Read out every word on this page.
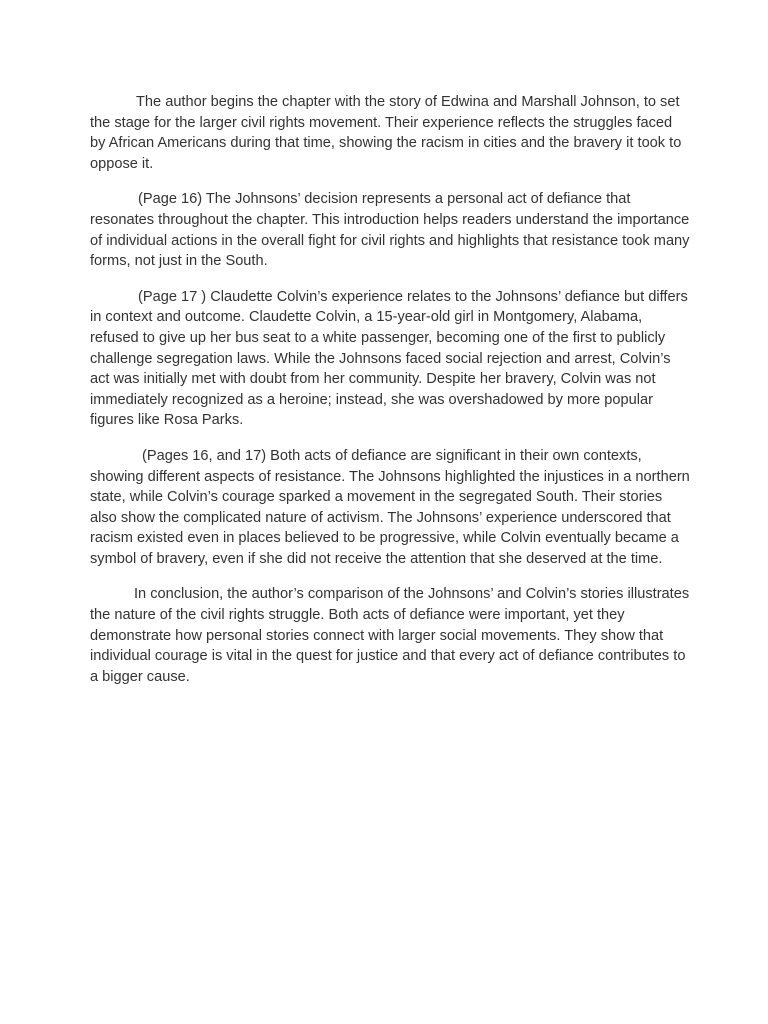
The author begins the chapter with the story of Edwina and Marshall Johnson, to set the stage for the larger civil rights movement. Their experience reflects the struggles faced by African Americans during that time, showing the racism in cities and the bravery it took to oppose it.

(Page 16) The Johnsons’ decision represents a personal act of defiance that resonates throughout the chapter. This introduction helps readers understand the importance of individual actions in the overall fight for civil rights and highlights that resistance took many forms, not just in the South.

(Page 17 ) Claudette Colvin’s experience relates to the Johnsons’ defiance but differs in context and outcome. Claudette Colvin, a 15-year-old girl in Montgomery, Alabama, refused to give up her bus seat to a white passenger, becoming one of the first to publicly challenge segregation laws. While the Johnsons faced social rejection and arrest, Colvin’s act was initially met with doubt from her community. Despite her bravery, Colvin was not immediately recognized as a heroine; instead, she was overshadowed by more popular figures like Rosa Parks.

(Pages 16, and 17) Both acts of defiance are significant in their own contexts, showing different aspects of resistance. The Johnsons highlighted the injustices in a northern state, while Colvin’s courage sparked a movement in the segregated South. Their stories also show the complicated nature of activism. The Johnsons’ experience underscored that racism existed even in places believed to be progressive, while Colvin eventually became a symbol of bravery, even if she did not receive the attention that she deserved at the time.

In conclusion, the author’s comparison of the Johnsons’ and Colvin’s stories illustrates the nature of the civil rights struggle. Both acts of defiance were important, yet they demonstrate how personal stories connect with larger social movements. They show that individual courage is vital in the quest for justice and that every act of defiance contributes to a bigger cause.
